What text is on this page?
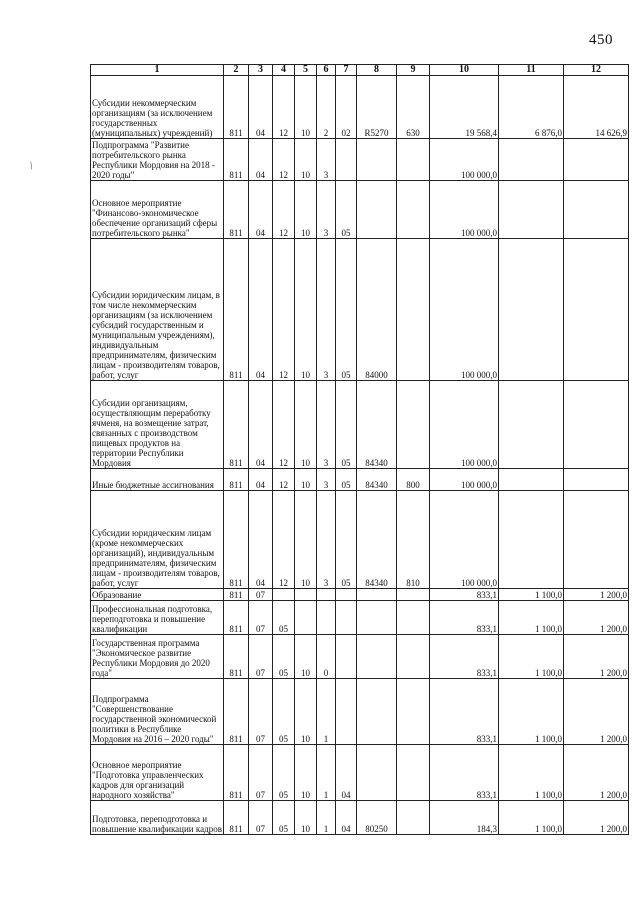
450
/
1	2	3	4	5	6	7	8	9	10	11	12
Субсидии некоммерческим организациям (за исключением государственных (муниципальных) учреждений)	811	04	12	10	2	02	R5270	630	19 568,4	6 876,0	14 626,9
Подпрограмма "Развитие потребительского рынка Республики Мордовия на 2018 - 2020 годы"	811	04	12	10	3				100 000,0		
Основное мероприятие "Финансово-экономическое обеспечение организаций сферы потребительского рынка"	811	04	12	10	3	05			100 000,0		
Субсидии юридическим лицам, в том числе некоммерческим организациям (за исключением субсидий государственным и муниципальным учреждениям), индивидуальным предпринимателям, физическим лицам - производителям товаров, работ, услуг	811	04	12	10	3	05	84000		100 000,0		
Субсидии организациям, осуществляющим переработку ячменя, на возмещение затрат, связанных с производством пищевых продуктов на территории Республики Мордовия	811	04	12	10	3	05	84340		100 000,0		
Иные бюджетные ассигнования	811	04	12	10	3	05	84340	800	100 000,0		
Субсидии юридическим лицам (кроме некоммерческих организаций), индивидуальным предпринимателям, физическим лицам - производителям товаров, работ, услуг	811	04	12	10	3	05	84340	810	100 000,0		
Образование	811	07							833,1	1 100,0	1 200,0
Профессиональная подготовка, переподготовка и повышение квалификации	811	07	05						833,1	1 100,0	1 200,0
Государственная программа "Экономическое развитие Республики Мордовия до 2020 года"	811	07	05	10	0				833,1	1 100,0	1 200,0
Подпрограмма "Совершенствование государственной экономической политики в Республике Мордовия на 2016 – 2020 годы"	811	07	05	10	1				833,1	1 100,0	1 200,0
Основное мероприятие "Подготовка управленческих кадров для организаций народного хозяйства"	811	07	05	10	1	04			833,1	1 100,0	1 200,0
Подготовка, переподготовка и повышение квалификации кадров	811	07	05	10	1	04	80250		184,3	1 100,0	1 200,0
